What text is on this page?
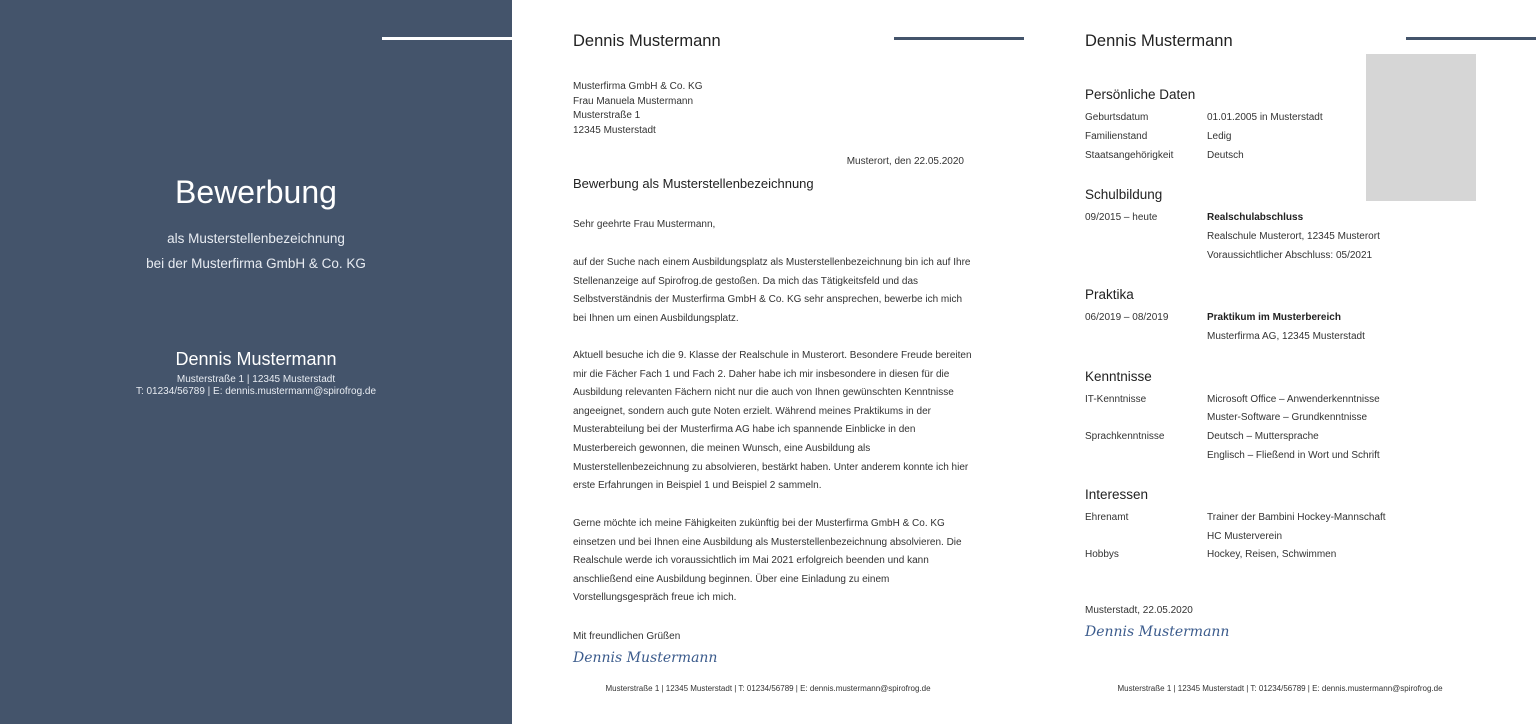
Bewerbung
als Musterstellenbezeichnung
bei der Musterfirma GmbH & Co. KG
Dennis Mustermann
Musterstraße 1 | 12345 Musterstadt
T: 01234/56789 | E: dennis.mustermann@spirofrog.de
Dennis Mustermann
Musterfirma GmbH & Co. KG
Frau Manuela Mustermann
Musterstraße 1
12345 Musterstadt
Musterort, den 22.05.2020
Bewerbung als Musterstellenbezeichnung
Sehr geehrte Frau Mustermann,
auf der Suche nach einem Ausbildungsplatz als Musterstellenbezeichnung bin ich auf Ihre Stellenanzeige auf Spirofrog.de gestoßen. Da mich das Tätigkeitsfeld und das Selbstverständnis der Musterfirma GmbH & Co. KG sehr ansprechen, bewerbe ich mich bei Ihnen um einen Ausbildungsplatz.
Aktuell besuche ich die 9. Klasse der Realschule in Musterort. Besondere Freude bereiten mir die Fächer Fach 1 und Fach 2. Daher habe ich mir insbesondere in diesen für die Ausbildung relevanten Fächern nicht nur die auch von Ihnen gewünschten Kenntnisse angeeignet, sondern auch gute Noten erzielt. Während meines Praktikums in der Musterabteilung bei der Musterfirma AG habe ich spannende Einblicke in den Musterbereich gewonnen, die meinen Wunsch, eine Ausbildung als Musterstellenbezeichnung zu absolvieren, bestärkt haben. Unter anderem konnte ich hier erste Erfahrungen in Beispiel 1 und Beispiel 2 sammeln.
Gerne möchte ich meine Fähigkeiten zukünftig bei der Musterfirma GmbH & Co. KG einsetzen und bei Ihnen eine Ausbildung als Musterstellenbezeichnung absolvieren. Die Realschule werde ich voraussichtlich im Mai 2021 erfolgreich beenden und kann anschließend eine Ausbildung beginnen. Über eine Einladung zu einem Vorstellungsgespräch freue ich mich.
Mit freundlichen Grüßen
Dennis Mustermann
Musterstraße 1 | 12345 Musterstadt | T: 01234/56789 | E: dennis.mustermann@spirofrog.de
Dennis Mustermann
Persönliche Daten
Geburtsdatum	01.01.2005 in Musterstadt
Familienstand	Ledig
Staatsangehörigkeit	Deutsch
Schulbildung
09/2015 – heute	Realschulabschluss
Realschule Musterort, 12345 Musterort
Voraussichtlicher Abschluss: 05/2021
Praktika
06/2019 – 08/2019	Praktikum im Musterbereich
Musterfirma AG, 12345 Musterstadt
Kenntnisse
IT-Kenntnisse	Microsoft Office – Anwenderkenntnisse
Muster-Software – Grundkenntnisse
Sprachkenntnisse	Deutsch – Muttersprache
Englisch – Fließend in Wort und Schrift
Interessen
Ehrenamt	Trainer der Bambini Hockey-Mannschaft
HC Musterverein
Hobbys	Hockey, Reisen, Schwimmen
Musterstadt, 22.05.2020
Dennis Mustermann
Musterstraße 1 | 12345 Musterstadt | T: 01234/56789 | E: dennis.mustermann@spirofrog.de
